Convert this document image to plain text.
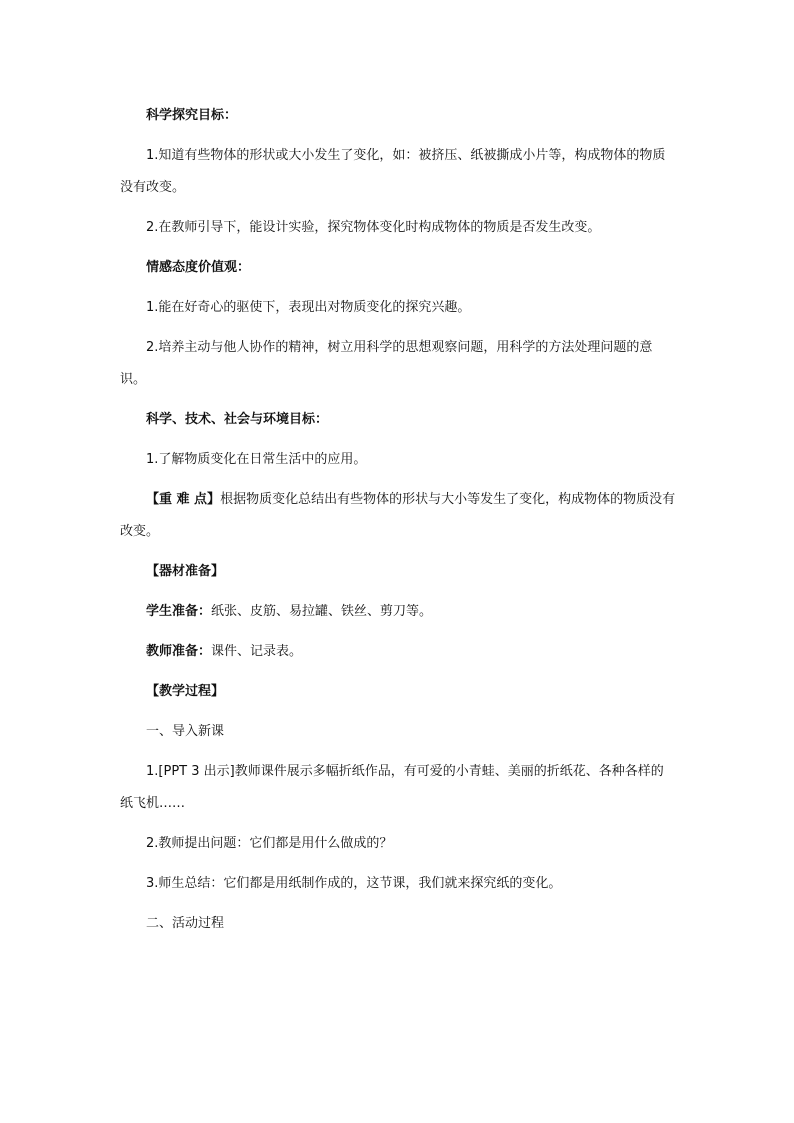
科学探究目标：

1.知道有些物体的形状或大小发生了变化，如：被挤压、纸被撕成小片等，构成物体的物质没有改变。

2.在教师引导下，能设计实验，探究物体变化时构成物体的物质是否发生改变。

情感态度价值观：

1.能在好奇心的驱使下，表现出对物质变化的探究兴趣。

2.培养主动与他人协作的精神，树立用科学的思想观察问题，用科学的方法处理问题的意识。

科学、技术、社会与环境目标：

1.了解物质变化在日常生活中的应用。

【重 难 点】根据物质变化总结出有些物体的形状与大小等发生了变化，构成物体的物质没有改变。

【器材准备】

学生准备：纸张、皮筋、易拉罐、铁丝、剪刀等。

教师准备：课件、记录表。

【教学过程】

一、导入新课

1.[PPT 3 出示]教师课件展示多幅折纸作品，有可爱的小青蛙、美丽的折纸花、各种各样的纸飞机……

2.教师提出问题：它们都是用什么做成的？

3.师生总结：它们都是用纸制作成的，这节课，我们就来探究纸的变化。

二、活动过程
